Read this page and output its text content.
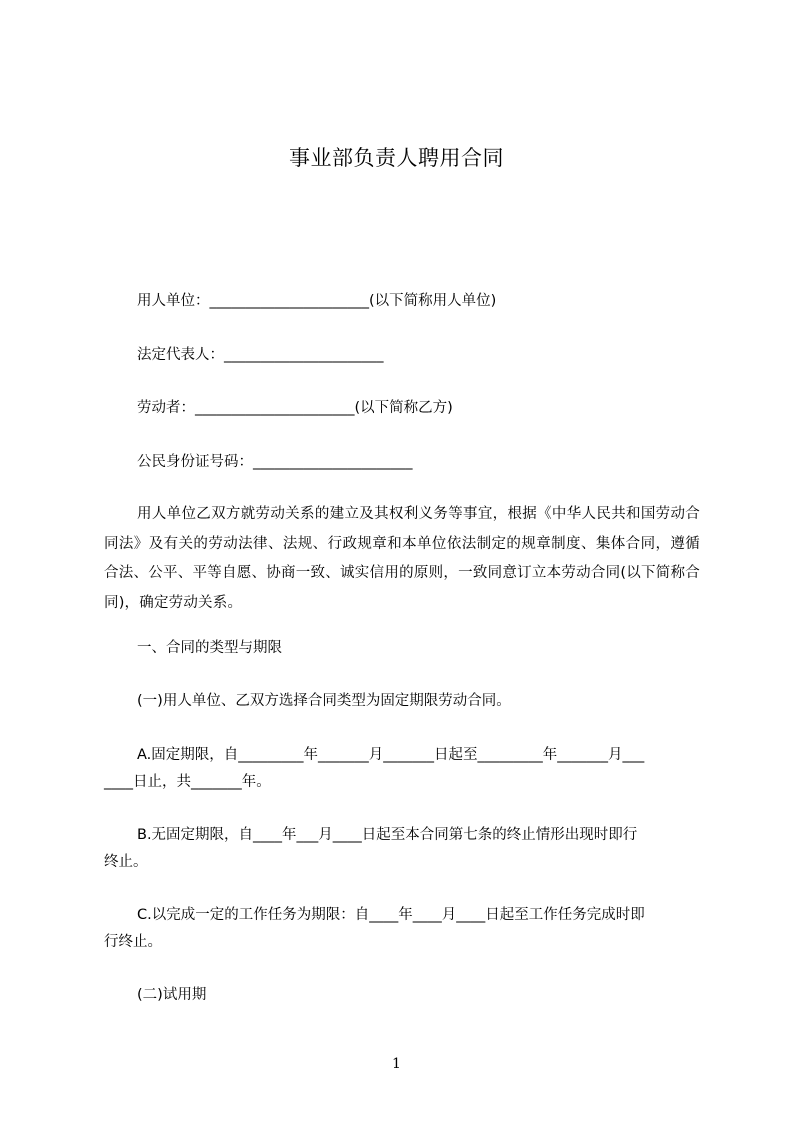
事业部负责人聘用合同

用人单位：______________________(以下简称用人单位)

法定代表人：______________________

劳动者：______________________(以下简称乙方)

公民身份证号码：______________________

用人单位乙双方就劳动关系的建立及其权利义务等事宜，根据《中华人民共和国劳动合同法》及有关的劳动法律、法规、行政规章和本单位依法制定的规章制度、集体合同，遵循合法、公平、平等自愿、协商一致、诚实信用的原则，一致同意订立本劳动合同(以下简称合同)，确定劳动关系。

一、合同的类型与期限

(一)用人单位、乙双方选择合同类型为固定期限劳动合同。

A.固定期限，自_________年_______月_______日起至_________年_______月___

____日止，共_______年。

B.无固定期限，自____年___月____日起至本合同第七条的终止情形出现时即行

终止。

C.以完成一定的工作任务为期限：自____年____月____日起至工作任务完成时即

行终止。

(二)试用期

1
